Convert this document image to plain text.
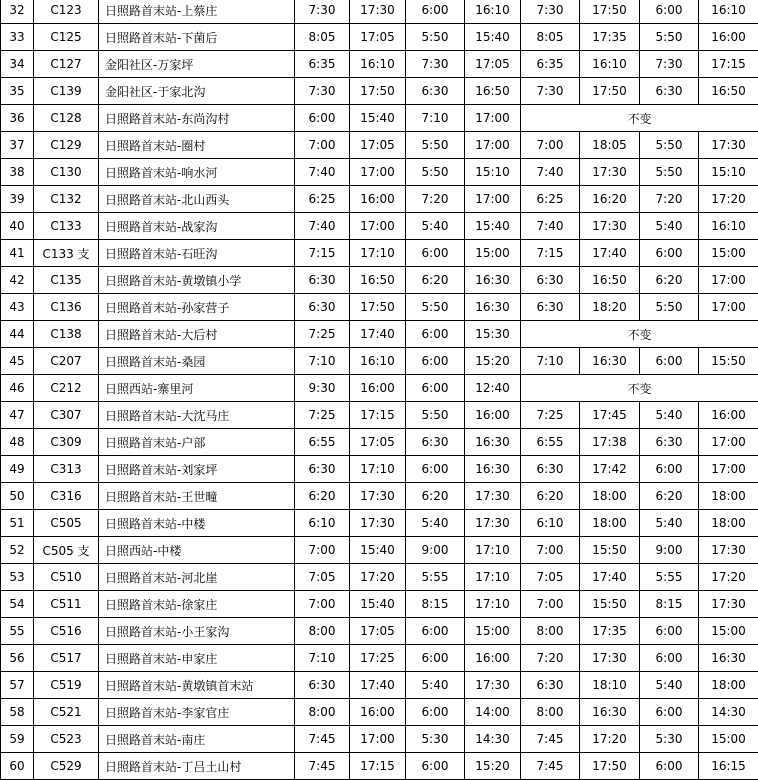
32	C123	日照路首末站-上蔡庄	7:30	17:30	6:00	16:10	7:30	17:50	6:00	16:10
33	C125	日照路首末站-下菌后	8:05	17:05	5:50	15:40	8:05	17:35	5:50	16:00
34	C127	金阳社区-万家坪	6:35	16:10	7:30	17:05	6:35	16:10	7:30	17:15
35	C139	金阳社区-于家北沟	7:30	17:50	6:30	16:50	7:30	17:50	6:30	16:50
36	C128	日照路首末站-东尚沟村	6:00	15:40	7:10	17:00	不变			
37	C129	日照路首末站-圈村	7:00	17:05	5:50	17:00	7:00	18:05	5:50	17:30
38	C130	日照路首末站-响水河	7:40	17:00	5:50	15:10	7:40	17:30	5:50	15:10
39	C132	日照路首末站-北山西头	6:25	16:00	7:20	17:00	6:25	16:20	7:20	17:20
40	C133	日照路首末站-战家沟	7:40	17:00	5:40	15:40	7:40	17:30	5:40	16:10
41	C133 支	日照路首末站-石旺沟	7:15	17:10	6:00	15:00	7:15	17:40	6:00	15:00
42	C135	日照路首末站-黄墩镇小学	6:30	16:50	6:20	16:30	6:30	16:50	6:20	17:00
43	C136	日照路首末站-孙家营子	6:30	17:50	5:50	16:30	6:30	18:20	5:50	17:00
44	C138	日照路首末站-大后村	7:25	17:40	6:00	15:30	不变			
45	C207	日照路首末站-桑园	7:10	16:10	6:00	15:20	7:10	16:30	6:00	15:50
46	C212	日照西站-寨里河	9:30	16:00	6:00	12:40	不变			
47	C307	日照路首末站-大沈马庄	7:25	17:15	5:50	16:00	7:25	17:45	5:40	16:00
48	C309	日照路首末站-户部	6:55	17:05	6:30	16:30	6:55	17:38	6:30	17:00
49	C313	日照路首末站-刘家坪	6:30	17:10	6:00	16:30	6:30	17:42	6:00	17:00
50	C316	日照路首末站-王世疃	6:20	17:30	6:20	17:30	6:20	18:00	6:20	18:00
51	C505	日照路首末站-中楼	6:10	17:30	5:40	17:30	6:10	18:00	5:40	18:00
52	C505 支	日照西站-中楼	7:00	15:40	9:00	17:10	7:00	15:50	9:00	17:30
53	C510	日照路首末站-河北崖	7:05	17:20	5:55	17:10	7:05	17:40	5:55	17:20
54	C511	日照路首末站-徐家庄	7:00	15:40	8:15	17:10	7:00	15:50	8:15	17:30
55	C516	日照路首末站-小王家沟	8:00	17:05	6:00	15:00	8:00	17:35	6:00	15:00
56	C517	日照路首末站-申家庄	7:10	17:25	6:00	16:00	7:20	17:30	6:00	16:30
57	C519	日照路首末站-黄墩镇首末站	6:30	17:40	5:40	17:30	6:30	18:10	5:40	18:00
58	C521	日照路首末站-李家官庄	8:00	16:00	6:00	14:00	8:00	16:30	6:00	14:30
59	C523	日照路首末站-南庄	7:45	17:00	5:30	14:30	7:45	17:20	5:30	15:00
60	C529	日照路首末站-丁吕土山村	7:45	17:15	6:00	15:20	7:45	17:50	6:00	16:15
